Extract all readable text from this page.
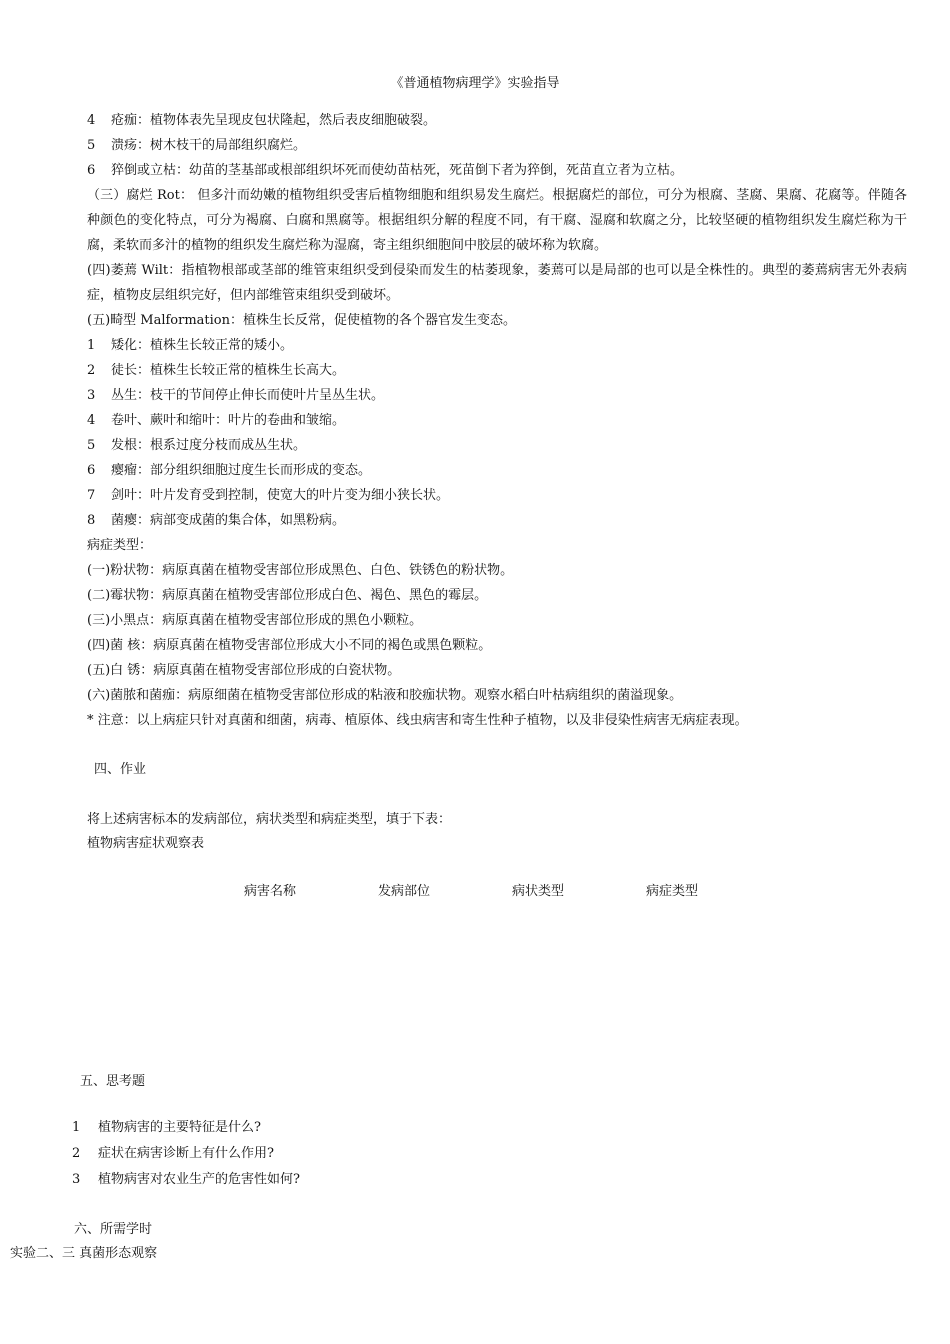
《普通植物病理学》实验指导
4 疮痂：植物体表先呈现皮包状隆起，然后表皮细胞破裂。
5 溃疡：树木枝干的局部组织腐烂。
6 猝倒或立枯：幼苗的茎基部或根部组织坏死而使幼苗枯死，死苗倒下者为猝倒，死苗直立者为立枯。
（三）腐烂 Rot： 但多汁而幼嫩的植物组织受害后植物细胞和组织易发生腐烂。根据腐烂的部位，可分为根腐、茎腐、果腐、花腐等。伴随各种颜色的变化特点，可分为褐腐、白腐和黑腐等。根据组织分解的程度不同，有干腐、湿腐和软腐之分，比较坚硬的植物组织发生腐烂称为干腐，柔软而多汁的植物的组织发生腐烂称为湿腐，寄主组织细胞间中胶层的破坏称为软腐。
(四)萎蔫 Wilt：指植物根部或茎部的维管束组织受到侵染而发生的枯萎现象，萎蔫可以是局部的也可以是全株性的。典型的萎蔫病害无外表病症，植物皮层组织完好，但内部维管束组织受到破坏。
(五)畸型 Malformation：植株生长反常，促使植物的各个器官发生变态。
1 矮化：植株生长较正常的矮小。
2 徒长：植株生长较正常的植株生长高大。
3 丛生：枝干的节间停止伸长而使叶片呈丛生状。
4 卷叶、蕨叶和缩叶：叶片的卷曲和皱缩。
5 发根：根系过度分枝而成丛生状。
6 瘿瘤：部分组织细胞过度生长而形成的变态。
7 剑叶：叶片发育受到控制，使宽大的叶片变为细小狭长状。
8 菌瘿：病部变成菌的集合体，如黑粉病。
病症类型：
(一)粉状物：病原真菌在植物受害部位形成黑色、白色、铁锈色的粉状物。
(二)霉状物：病原真菌在植物受害部位形成白色、褐色、黑色的霉层。
(三)小黑点：病原真菌在植物受害部位形成的黑色小颗粒。
(四)菌 核：病原真菌在植物受害部位形成大小不同的褐色或黑色颗粒。
(五)白 锈：病原真菌在植物受害部位形成的白瓷状物。
(六)菌脓和菌痂：病原细菌在植物受害部位形成的粘液和胶痂状物。观察水稻白叶枯病组织的菌溢现象。
* 注意：以上病症只针对真菌和细菌，病毒、植原体、线虫病害和寄生性种子植物，以及非侵染性病害无病症表现。
四、作业
将上述病害标本的发病部位，病状类型和病症类型，填于下表：
植物病害症状观察表
病害名称	发病部位	病状类型	病症类型
五、思考题
1 植物病害的主要特征是什么?
2 症状在病害诊断上有什么作用?
3 植物病害对农业生产的危害性如何?
六、所需学时
实验二、三 真菌形态观察
